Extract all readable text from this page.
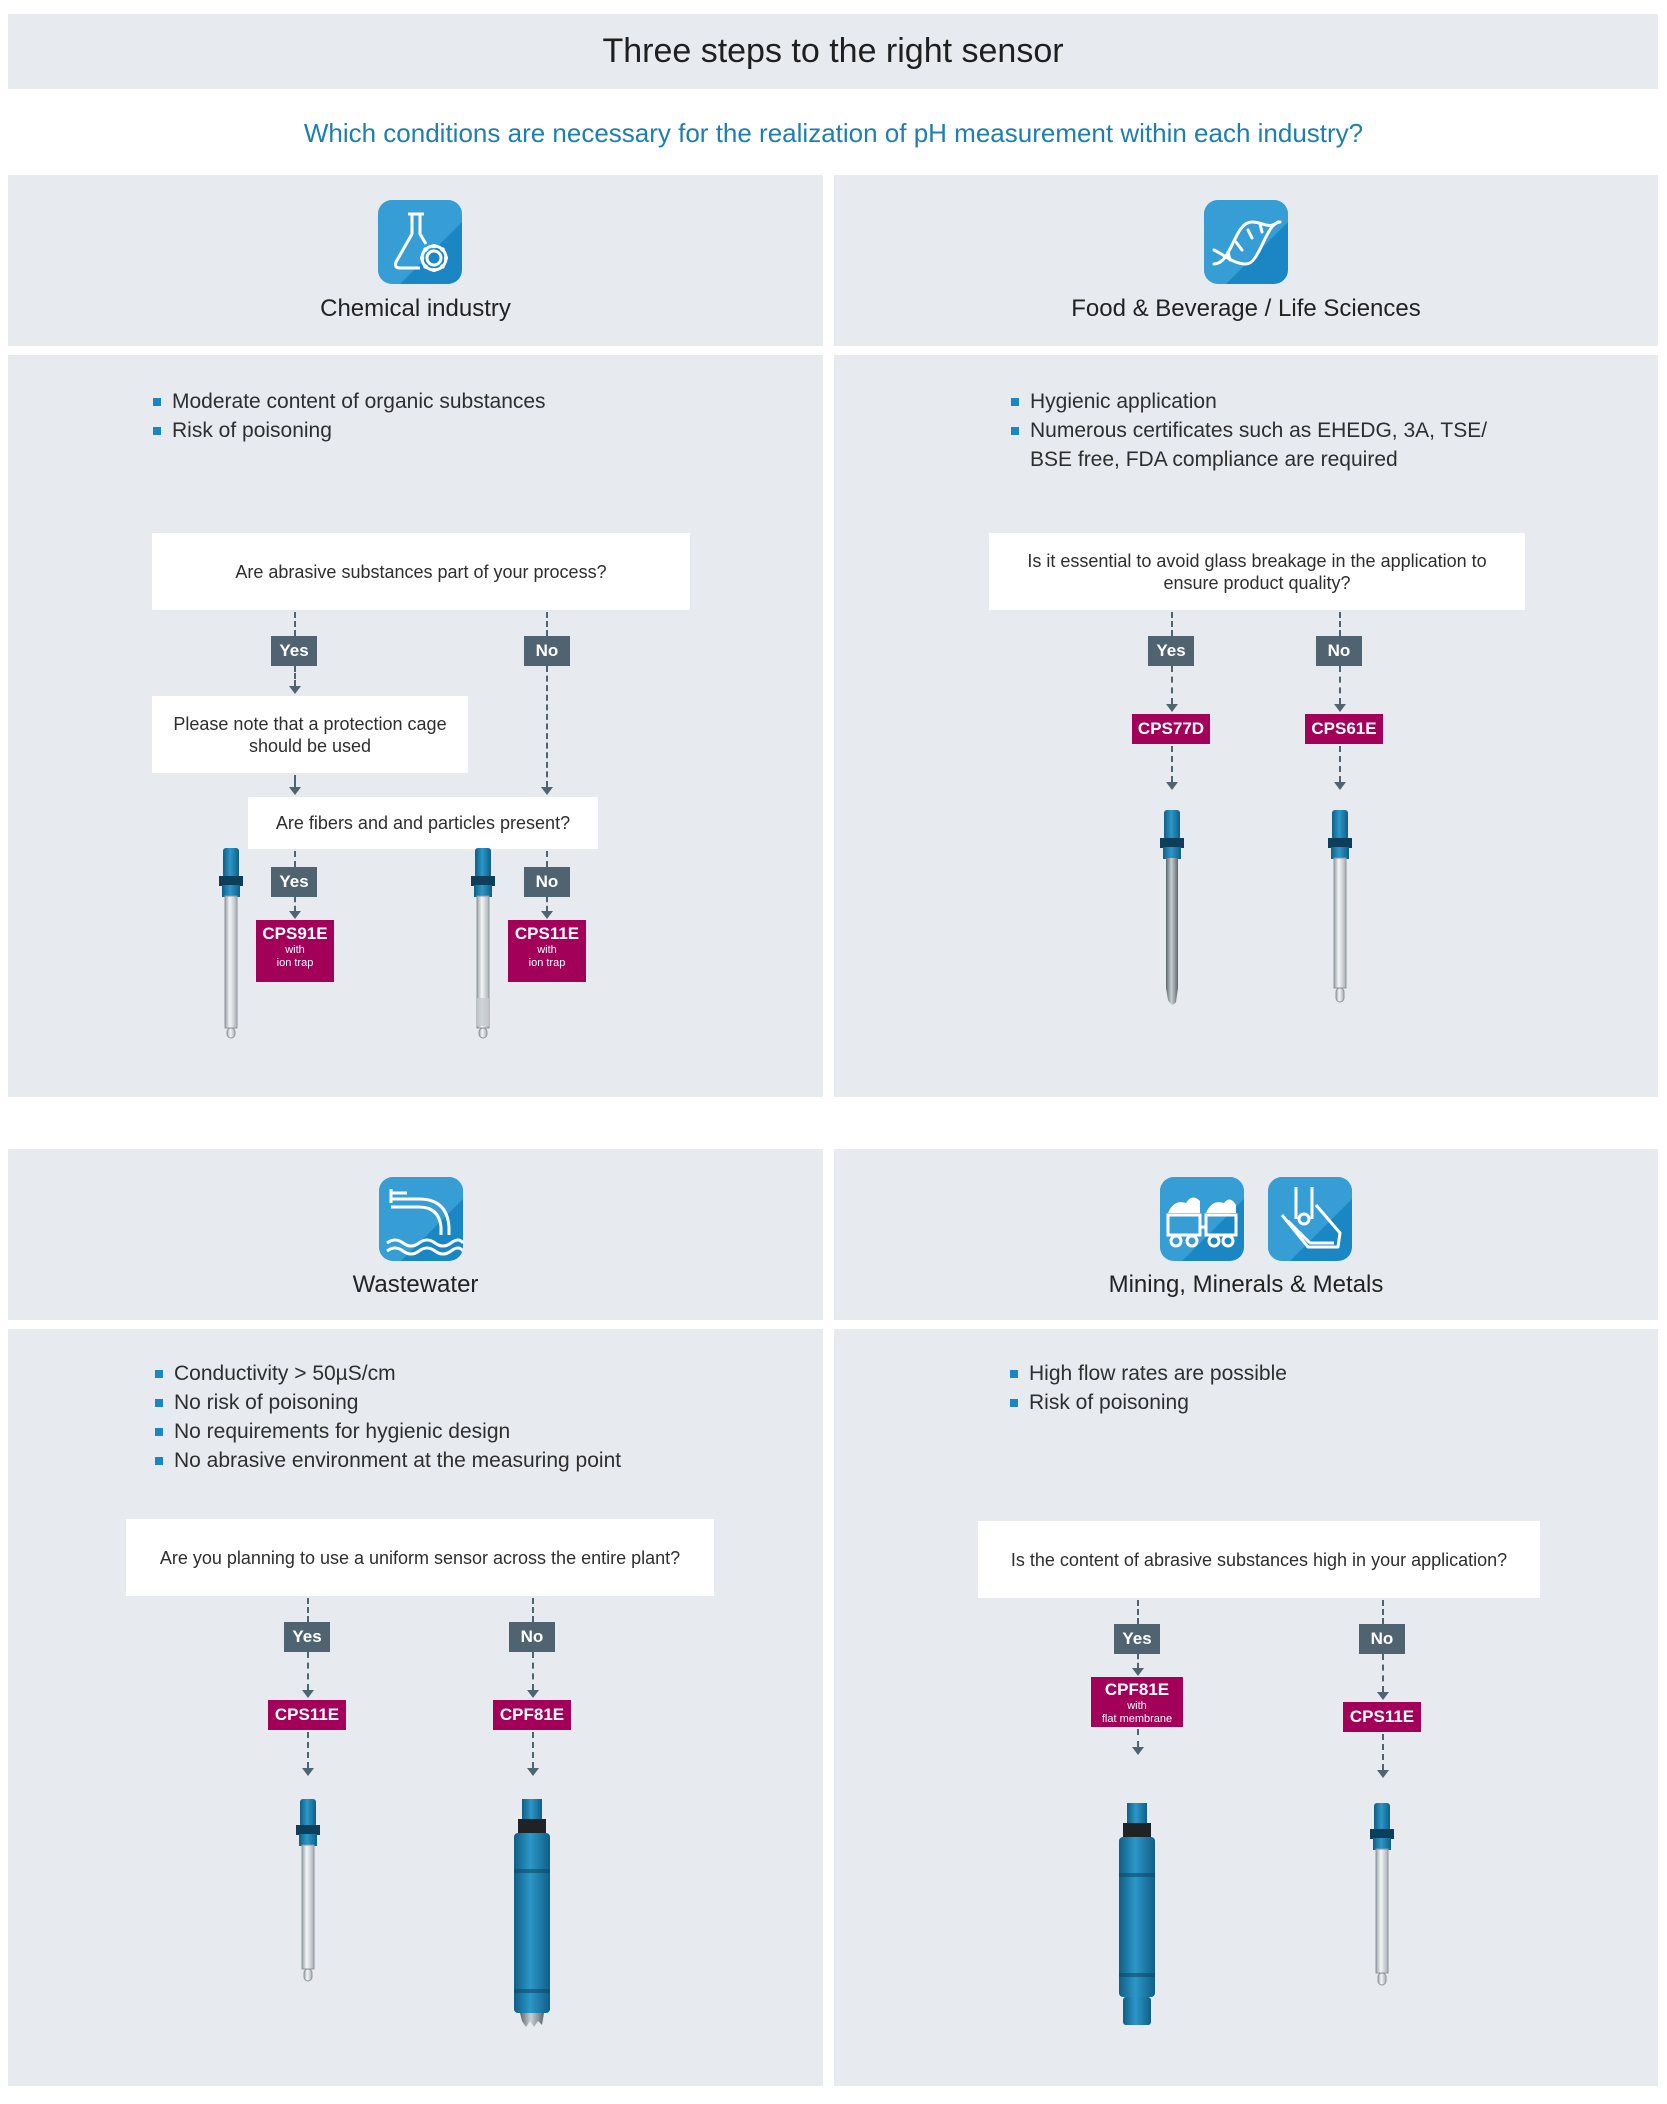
Three steps to the right sensor
Which conditions are necessary for the realization of pH measurement within each industry?
Chemical industry
Moderate content of organic substances
Risk of poisoning
Are abrasive substances part of your process?
Yes
Please note that a protection cage should be used
No
Are fibers and and particles present?
Yes
CPS91E
with
ion trap
No
CPS11E
with
ion trap
Food & Beverage / Life Sciences
Hygienic application
Numerous certificates such as EHEDG, 3A, TSE/
BSE free, FDA compliance are required
Is it essential to avoid glass breakage in the application to ensure product quality?
Yes
CPS77D
No
CPS61E
Wastewater
Conductivity > 50µS/cm
No risk of poisoning
No requirements for hygienic design
No abrasive environment at the measuring point
Are you planning to use a uniform sensor across the entire plant?
Yes
CPS11E
No
CPF81E
Mining, Minerals & Metals
High flow rates are possible
Risk of poisoning
Is the content of abrasive substances high in your application?
Yes
CPF81E
with
flat membrane
No
CPS11E
